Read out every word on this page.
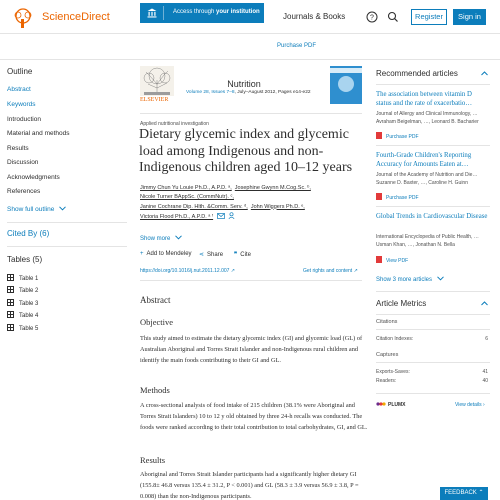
ScienceDirect	Journals & Books	?	Register	Sign in
Access through your institution
Purchase PDF
Outline
Abstract
Keywords
Introduction
Material and methods
Results
Discussion
Acknowledgments
References
Show full outline
Cited By (6)
Tables (5)
Table 1
Table 2
Table 3
Table 4
Table 5
ELSEVIER
Nutrition
Volume 28, Issues 7–8, July–August 2012, Pages e14-e22
Applied nutritional investigation
Dietary glycemic index and glycemic load among Indigenous and non-Indigenous children aged 10–12 years
Jimmy Chun Yu Louie Ph.D., A.P.D. ᵃ, Josephine Gwynn M.Cog.Sc. ᵇ,
Nicole Turner BAppSc. (CommNutr). ᶜ,
Janine Cochrane Dip. Hlth. &Comm. Serv. ᵈ, John Wiggers Ph.D. ᵉ,
Victoria Flood Ph.D., A.P.D. ᵃ ᶠ
Show more
+ Add to Mendeley ⋖ Share ❞ Cite
https://doi.org/10.1016/j.nut.2011.12.007 ↗	Get rights and content ↗
Abstract
Objective
This study aimed to estimate the dietary glycemic index (GI) and glycemic load (GL) of Australian Aboriginal and Torres Strait Islander and non-Indigenous rural children and identify the main foods contributing to their GI and GL.
Methods
A cross-sectional analysis of food intake of 215 children (38.1% were Aboriginal and Torres Strait Islanders) 10 to 12 y old obtained by three 24-h recalls was conducted. The foods were ranked according to their total contribution to total carbohydrates, GI, and GL.
Results
Aboriginal and Torres Strait Islander participants had a significantly higher dietary GI (155.8± 46.8 versus 135.4 ± 31.2, P < 0.001) and GL (58.3 ± 3.9 versus 56.9 ± 3.8, P = 0.008) than the non-Indigenous participants.
Recommended articles
The association between vitamin D status and the rate of exacerbatio…
Journal of Allergy and Clinical Immunology, …
Avraham Beigelman, …, Leonard B. Bacharier
Purchase PDF
Fourth-Grade Children's Reporting Accuracy for Amounts Eaten at…
Journal of the Academy of Nutrition and Die…
Suzanne D. Baxter, …, Caroline H. Guinn
Purchase PDF
Global Trends in Cardiovascular Disease
International Encyclopedia of Public Health, …
Usman Khan, …, Jonathan N. Bella
View PDF
Show 3 more articles
Article Metrics
Citations
Citation Indexes:	6
Captures
Exports-Saves:	41
Readers:	40
PLUMX	View details ›
FEEDBACK ⌃
